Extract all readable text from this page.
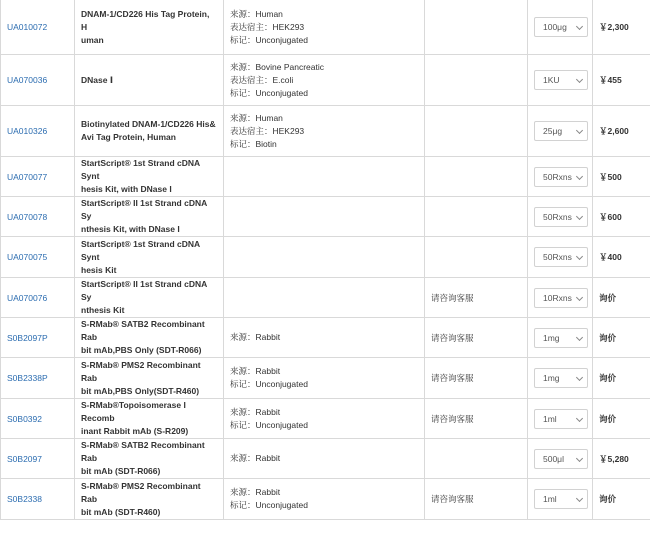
UA010072	DNAM-1/CD226 His Tag Protein, H
uman	来源：Human
表达宿主：HEK293
标记：Unconjugated		100μg	￥2,300
UA070036	DNase Ⅰ	来源：Bovine Pancreatic
表达宿主：E.coli
标记：Unconjugated		1KU	￥455
UA010326	Biotinylated DNAM-1/CD226 His&
Avi Tag Protein, Human	来源：Human
表达宿主：HEK293
标记：Biotin		25μg	￥2,600
UA070077	StartScript® 1st Strand cDNA Synt
hesis Kit, with DNase I			50Rxns	￥500
UA070078	StartScript® II 1st Strand cDNA Sy
nthesis Kit, with DNase I			50Rxns	￥600
UA070075	StartScript® 1st Strand cDNA Synt
hesis Kit			50Rxns	￥400
UA070076	StartScript® II 1st Strand cDNA Sy
nthesis Kit		请咨询客服	10Rxns	询价
S0B2097P	S-RMab® SATB2 Recombinant Rab
bit mAb,PBS Only (SDT-R066)	来源：Rabbit	请咨询客服	1mg	询价
S0B2338P	S-RMab® PMS2 Recombinant Rab
bit mAb,PBS Only(SDT-R460)	来源：Rabbit
标记：Unconjugated	请咨询客服	1mg	询价
S0B0392	S-RMab®Topoisomerase I Recomb
inant Rabbit mAb (S-R209)	来源：Rabbit
标记：Unconjugated	请咨询客服	1ml	询价
S0B2097	S-RMab® SATB2 Recombinant Rab
bit mAb (SDT-R066)	来源：Rabbit		500μl	￥5,280
S0B2338	S-RMab® PMS2 Recombinant Rab
bit mAb (SDT-R460)	来源：Rabbit
标记：Unconjugated	请咨询客服	1ml	询价
